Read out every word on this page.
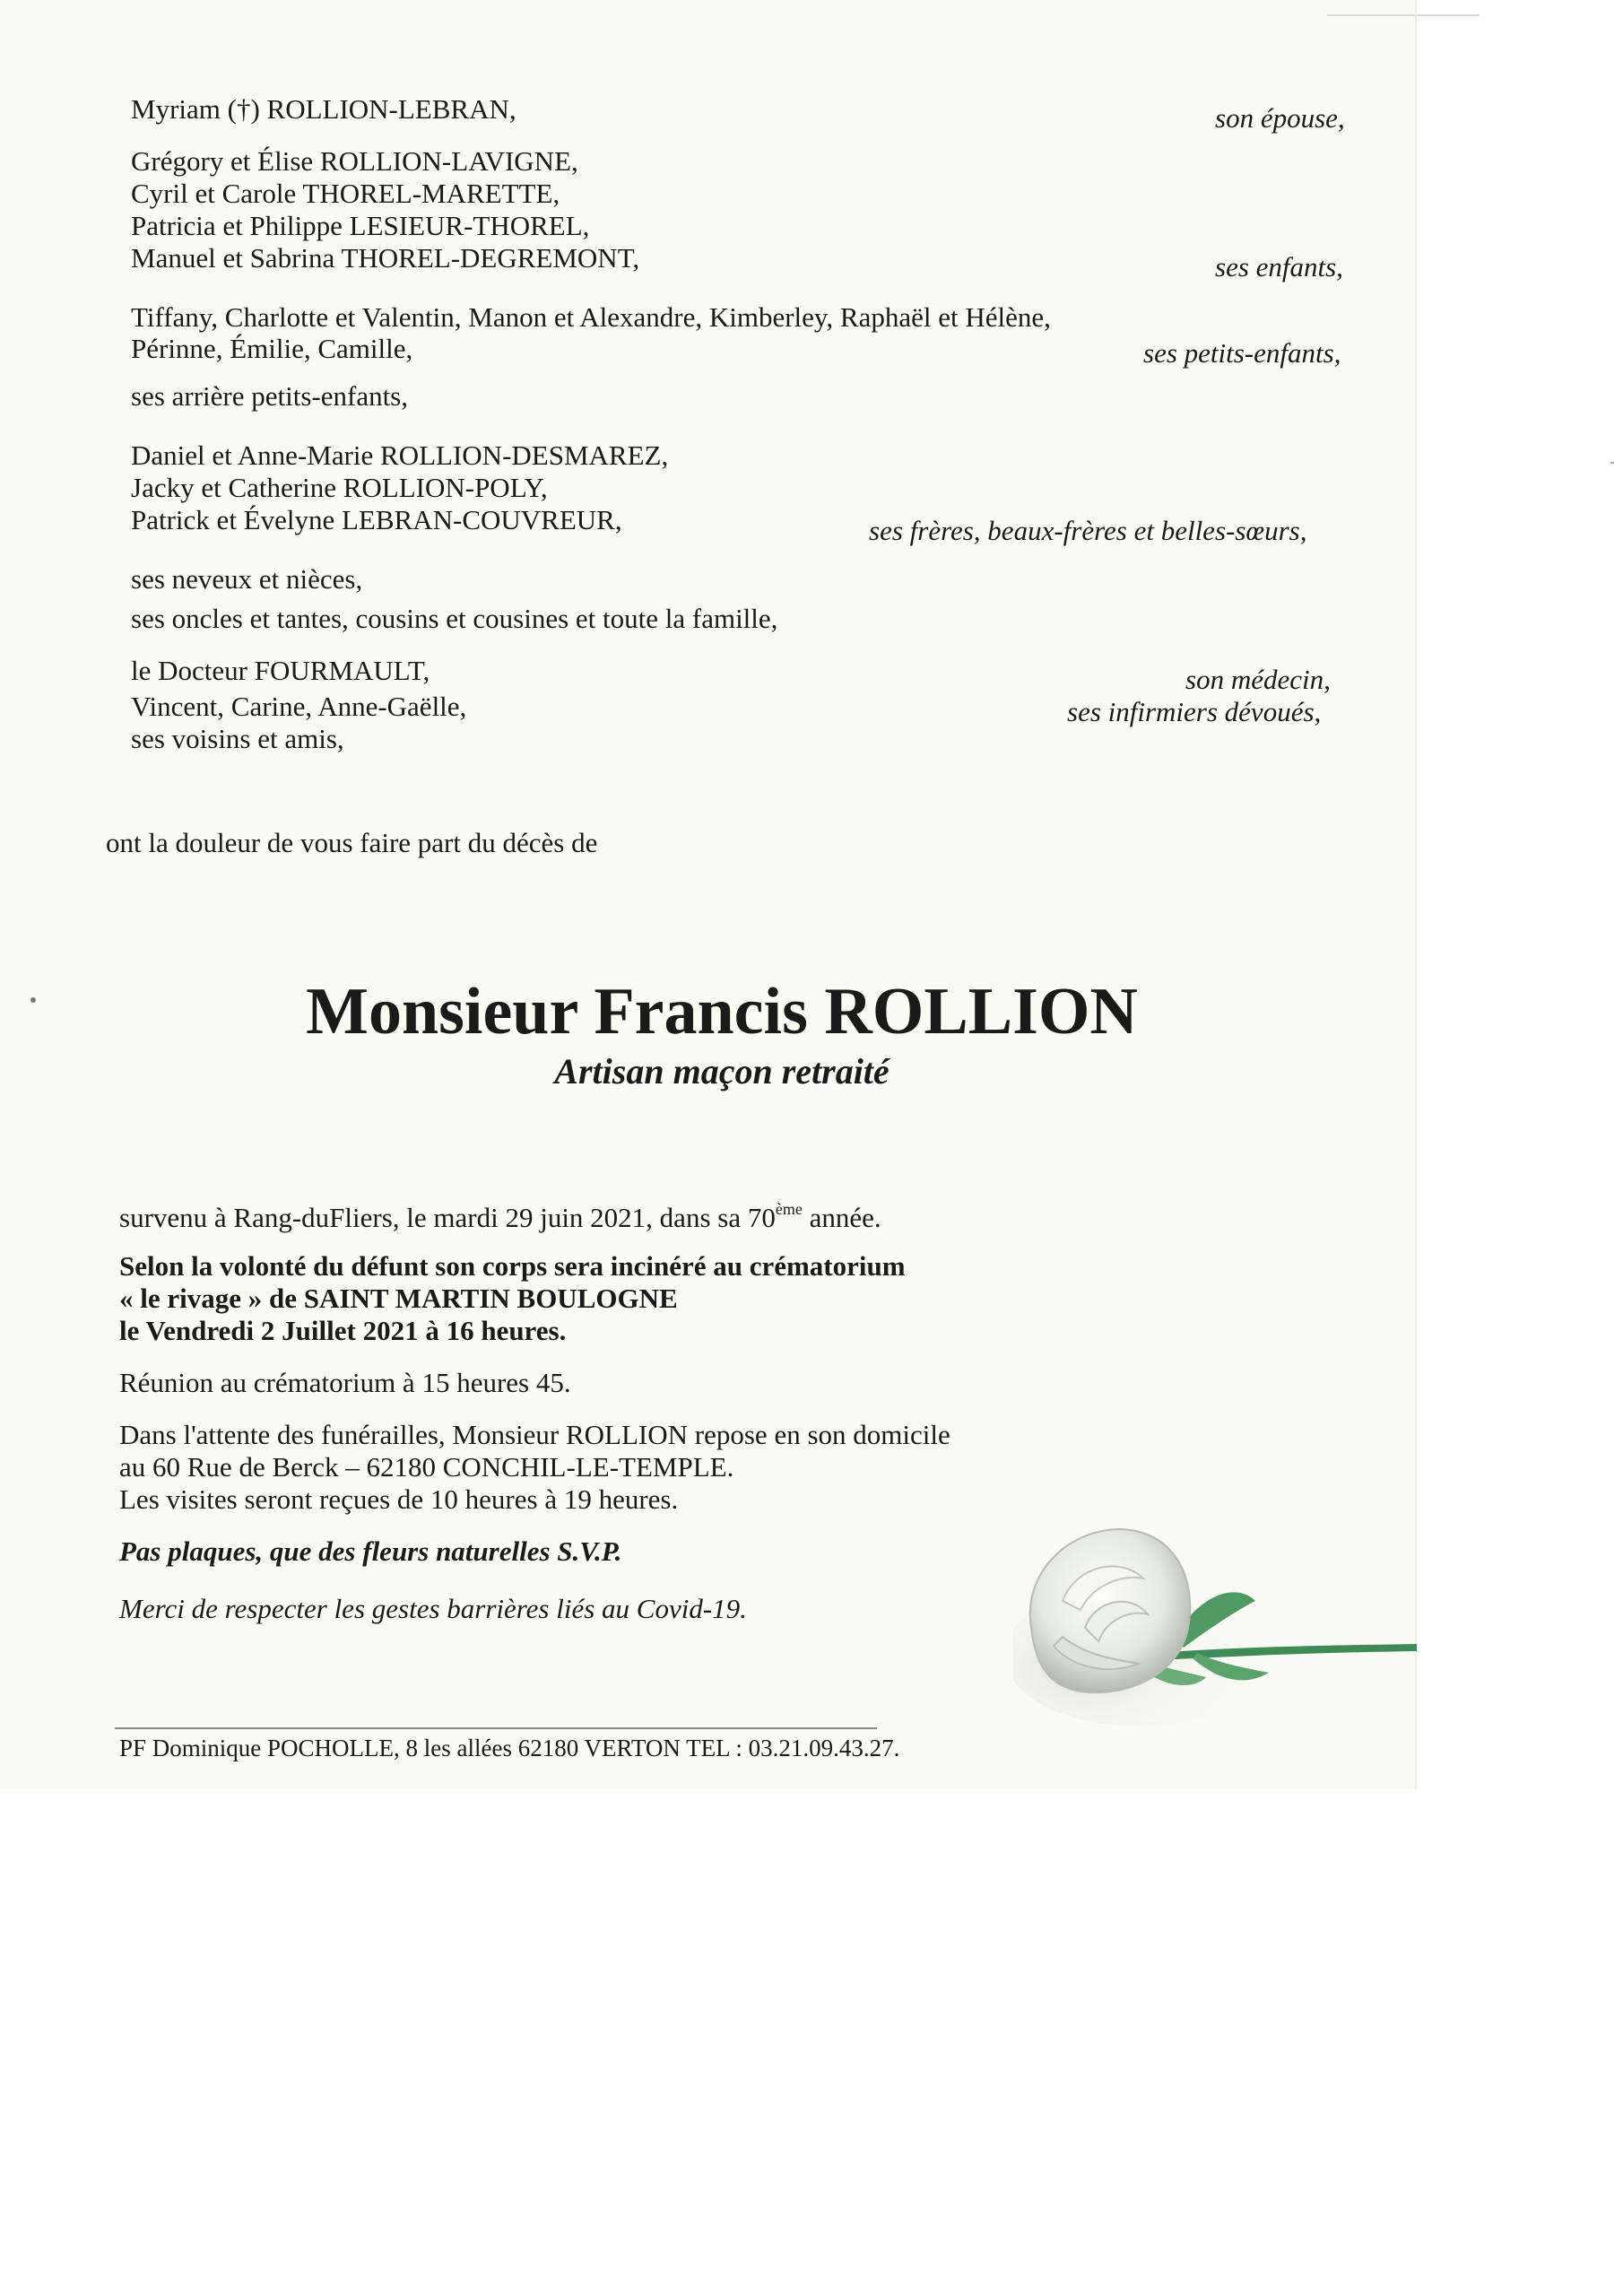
Myriam (†) ROLLION-LEBRAN,	son épouse,
Grégory et Élise ROLLION-LAVIGNE,
Cyril et Carole THOREL-MARETTE,
Patricia et Philippe LESIEUR-THOREL,
Manuel et Sabrina THOREL-DEGREMONT,	ses enfants,
Tiffany, Charlotte et Valentin, Manon et Alexandre, Kimberley, Raphaël et Hélène,
Périnne, Émilie, Camille,	ses petits-enfants,
ses arrière petits-enfants,
Daniel et Anne-Marie ROLLION-DESMAREZ,
Jacky et Catherine ROLLION-POLY,
Patrick et Évelyne LEBRAN-COUVREUR,	ses frères, beaux-frères et belles-sœurs,
ses neveux et nièces,
ses oncles et tantes, cousins et cousines et toute la famille,
le Docteur FOURMAULT,
Vincent, Carine, Anne-Gaëlle,
ses voisins et amis,
son médecin,
ses infirmiers dévoués,
ont la douleur de vous faire part du décès de
Monsieur Francis ROLLION
Artisan maçon retraité
survenu à Rang-duFliers, le mardi 29 juin 2021, dans sa 70ème année.
Selon la volonté du défunt son corps sera incinéré au crématorium
« le rivage » de SAINT MARTIN BOULOGNE
le Vendredi 2 Juillet 2021 à 16 heures.
Réunion au crématorium à 15 heures 45.
Dans l'attente des funérailles, Monsieur ROLLION repose en son domicile
au 60 Rue de Berck – 62180 CONCHIL-LE-TEMPLE.
Les visites seront reçues de 10 heures à 19 heures.
Pas plaques, que des fleurs naturelles S.V.P.
Merci de respecter les gestes barrières liés au Covid-19.
PF Dominique POCHOLLE, 8 les allées 62180 VERTON TEL : 03.21.09.43.27.
